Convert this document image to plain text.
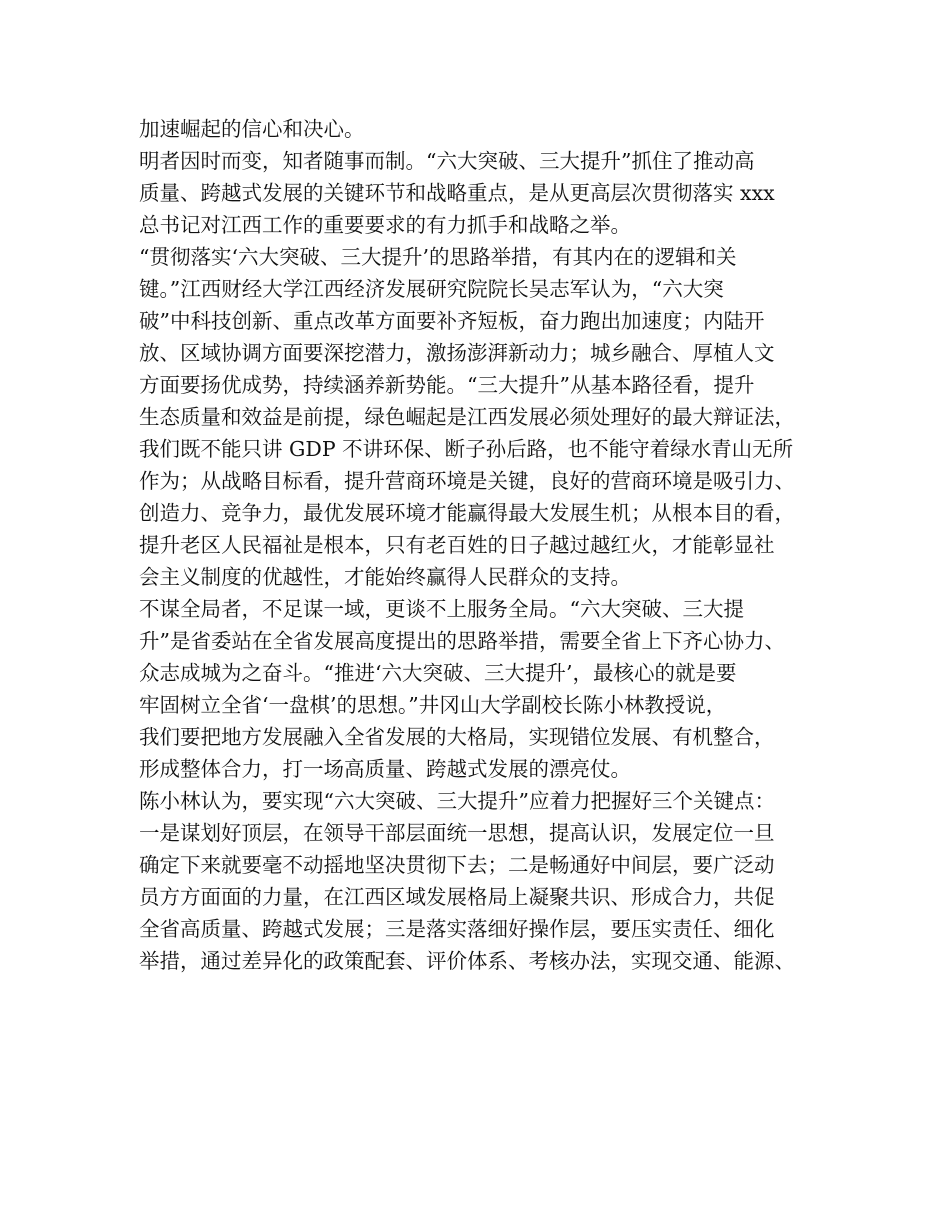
加速崛起的信心和决心。
明者因时而变，知者随事而制。“六大突破、三大提升”抓住了推动高
质量、跨越式发展的关键环节和战略重点，是从更高层次贯彻落实 xxx
总书记对江西工作的重要要求的有力抓手和战略之举。
“贯彻落实‘六大突破、三大提升’的思路举措，有其内在的逻辑和关
键。”江西财经大学江西经济发展研究院院长吴志军认为，“六大突
破”中科技创新、重点改革方面要补齐短板，奋力跑出加速度；内陆开
放、区域协调方面要深挖潜力，激扬澎湃新动力；城乡融合、厚植人文
方面要扬优成势，持续涵养新势能。“三大提升”从基本路径看，提升
生态质量和效益是前提，绿色崛起是江西发展必须处理好的最大辩证法，
我们既不能只讲 GDP 不讲环保、断子孙后路，也不能守着绿水青山无所
作为；从战略目标看，提升营商环境是关键，良好的营商环境是吸引力、
创造力、竞争力，最优发展环境才能赢得最大发展生机；从根本目的看，
提升老区人民福祉是根本，只有老百姓的日子越过越红火，才能彰显社
会主义制度的优越性，才能始终赢得人民群众的支持。
不谋全局者，不足谋一域，更谈不上服务全局。“六大突破、三大提
升”是省委站在全省发展高度提出的思路举措，需要全省上下齐心协力、
众志成城为之奋斗。“推进‘六大突破、三大提升’，最核心的就是要
牢固树立全省‘一盘棋’的思想。”井冈山大学副校长陈小林教授说，
我们要把地方发展融入全省发展的大格局，实现错位发展、有机整合，
形成整体合力，打一场高质量、跨越式发展的漂亮仗。
陈小林认为，要实现“六大突破、三大提升”应着力把握好三个关键点：
一是谋划好顶层，在领导干部层面统一思想，提高认识，发展定位一旦
确定下来就要毫不动摇地坚决贯彻下去；二是畅通好中间层，要广泛动
员方方面面的力量，在江西区域发展格局上凝聚共识、形成合力，共促
全省高质量、跨越式发展；三是落实落细好操作层，要压实责任、细化
举措，通过差异化的政策配套、评价体系、考核办法，实现交通、能源、
